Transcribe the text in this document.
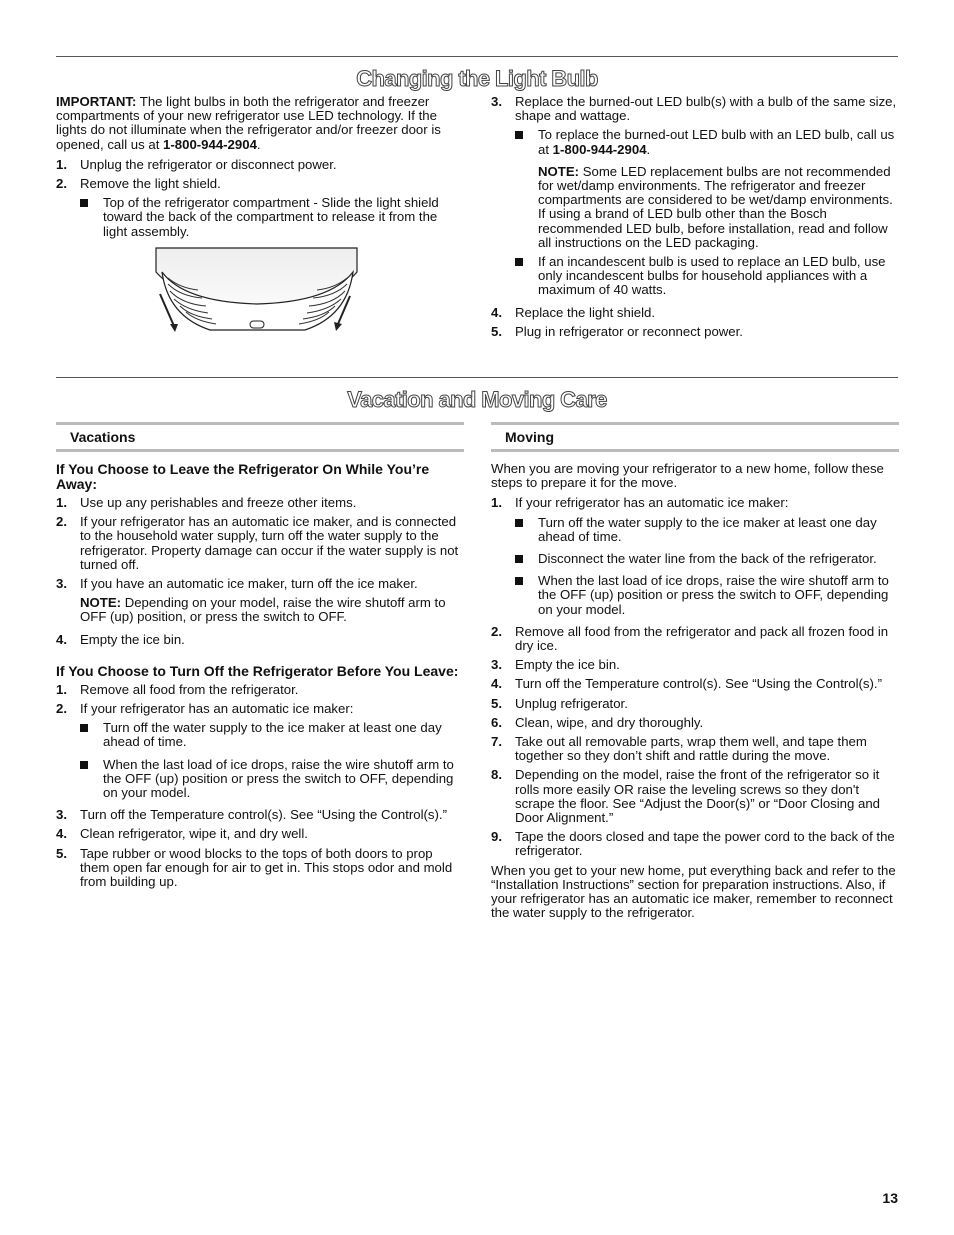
Changing the Light Bulb

IMPORTANT: The light bulbs in both the refrigerator and freezer compartments of your new refrigerator use LED technology. If the lights do not illuminate when the refrigerator and/or freezer door is opened, call us at 1-800-944-2904.

1. Unplug the refrigerator or disconnect power.
2. Remove the light shield.
Top of the refrigerator compartment - Slide the light shield toward the back of the compartment to release it from the light assembly.
3. Replace the burned-out LED bulb(s) with a bulb of the same size, shape and wattage.
To replace the burned-out LED bulb with an LED bulb, call us at 1-800-944-2904.

NOTE: Some LED replacement bulbs are not recommended for wet/damp environments. The refrigerator and freezer compartments are considered to be wet/damp environments. If using a brand of LED bulb other than the Bosch recommended LED bulb, before installation, read and follow all instructions on the LED packaging.

If an incandescent bulb is used to replace an LED bulb, use only incandescent bulbs for household appliances with a maximum of 40 watts.
4. Replace the light shield.
5. Plug in refrigerator or reconnect power.
Vacation and Moving Care
Vacations	Moving

If You Choose to Leave the Refrigerator On While You’re Away:

1. Use up any perishables and freeze other items.
2. If your refrigerator has an automatic ice maker, and is connected to the household water supply, turn off the water supply to the refrigerator. Property damage can occur if the water supply is not turned off.
3. If you have an automatic ice maker, turn off the ice maker.

NOTE: Depending on your model, raise the wire shutoff arm to OFF (up) position, or press the switch to OFF.

4. Empty the ice bin.

If You Choose to Turn Off the Refrigerator Before You Leave:

1. Remove all food from the refrigerator.
2. If your refrigerator has an automatic ice maker:
Turn off the water supply to the ice maker at least one day ahead of time.
When the last load of ice drops, raise the wire shutoff arm to the OFF (up) position or press the switch to OFF, depending on your model.
3. Turn off the Temperature control(s). See “Using the Control(s).”
4. Clean refrigerator, wipe it, and dry well.
5. Tape rubber or wood blocks to the tops of both doors to prop them open far enough for air to get in. This stops odor and mold from building up.

When you are moving your refrigerator to a new home, follow these steps to prepare it for the move.

1. If your refrigerator has an automatic ice maker:
Turn off the water supply to the ice maker at least one day ahead of time.
Disconnect the water line from the back of the refrigerator.
When the last load of ice drops, raise the wire shutoff arm to the OFF (up) position or press the switch to OFF, depending on your model.
2. Remove all food from the refrigerator and pack all frozen food in dry ice.
3. Empty the ice bin.
4. Turn off the Temperature control(s). See “Using the Control(s).”
5. Unplug refrigerator.
6. Clean, wipe, and dry thoroughly.
7. Take out all removable parts, wrap them well, and tape them together so they don’t shift and rattle during the move.
8. Depending on the model, raise the front of the refrigerator so it rolls more easily OR raise the leveling screws so they don't scrape the floor. See “Adjust the Door(s)” or “Door Closing and Door Alignment.”
9. Tape the doors closed and tape the power cord to the back of the refrigerator.

When you get to your new home, put everything back and refer to the “Installation Instructions” section for preparation instructions. Also, if your refrigerator has an automatic ice maker, remember to reconnect the water supply to the refrigerator.

13
